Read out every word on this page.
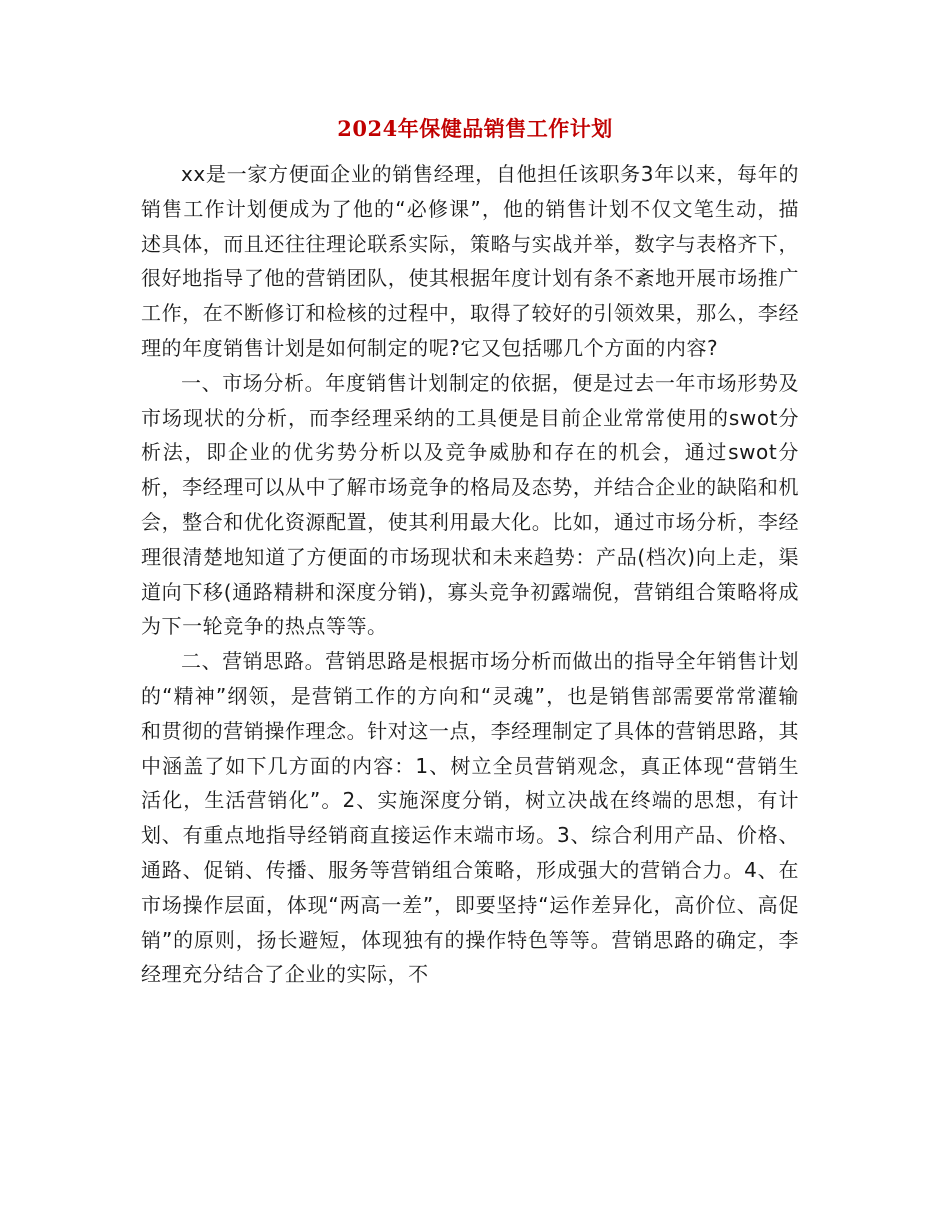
2024年保健品销售工作计划

xx是一家方便面企业的销售经理，自他担任该职务3年以来，每年的销售工作计划便成为了他的“必修课”，他的销售计划不仅文笔生动，描述具体，而且还往往理论联系实际，策略与实战并举，数字与表格齐下，很好地指导了他的营销团队，使其根据年度计划有条不紊地开展市场推广工作，在不断修订和检核的过程中，取得了较好的引领效果，那么，李经理的年度销售计划是如何制定的呢?它又包括哪几个方面的内容?

一、市场分析。年度销售计划制定的依据，便是过去一年市场形势及市场现状的分析，而李经理采纳的工具便是目前企业常常使用的swot分析法，即企业的优劣势分析以及竞争威胁和存在的机会，通过swot分析，李经理可以从中了解市场竞争的格局及态势，并结合企业的缺陷和机会，整合和优化资源配置，使其利用最大化。比如，通过市场分析，李经理很清楚地知道了方便面的市场现状和未来趋势：产品(档次)向上走，渠道向下移(通路精耕和深度分销)，寡头竞争初露端倪，营销组合策略将成为下一轮竞争的热点等等。

二、营销思路。营销思路是根据市场分析而做出的指导全年销售计划的“精神”纲领，是营销工作的方向和“灵魂”，也是销售部需要常常灌输和贯彻的营销操作理念。针对这一点，李经理制定了具体的营销思路，其中涵盖了如下几方面的内容：1、树立全员营销观念，真正体现“营销生活化，生活营销化”。2、实施深度分销，树立决战在终端的思想，有计划、有重点地指导经销商直接运作末端市场。3、综合利用产品、价格、通路、促销、传播、服务等营销组合策略，形成强大的营销合力。4、在市场操作层面，体现“两高一差”，即要坚持“运作差异化，高价位、高促销”的原则，扬长避短，体现独有的操作特色等等。营销思路的确定，李经理充分结合了企业的实际，不
